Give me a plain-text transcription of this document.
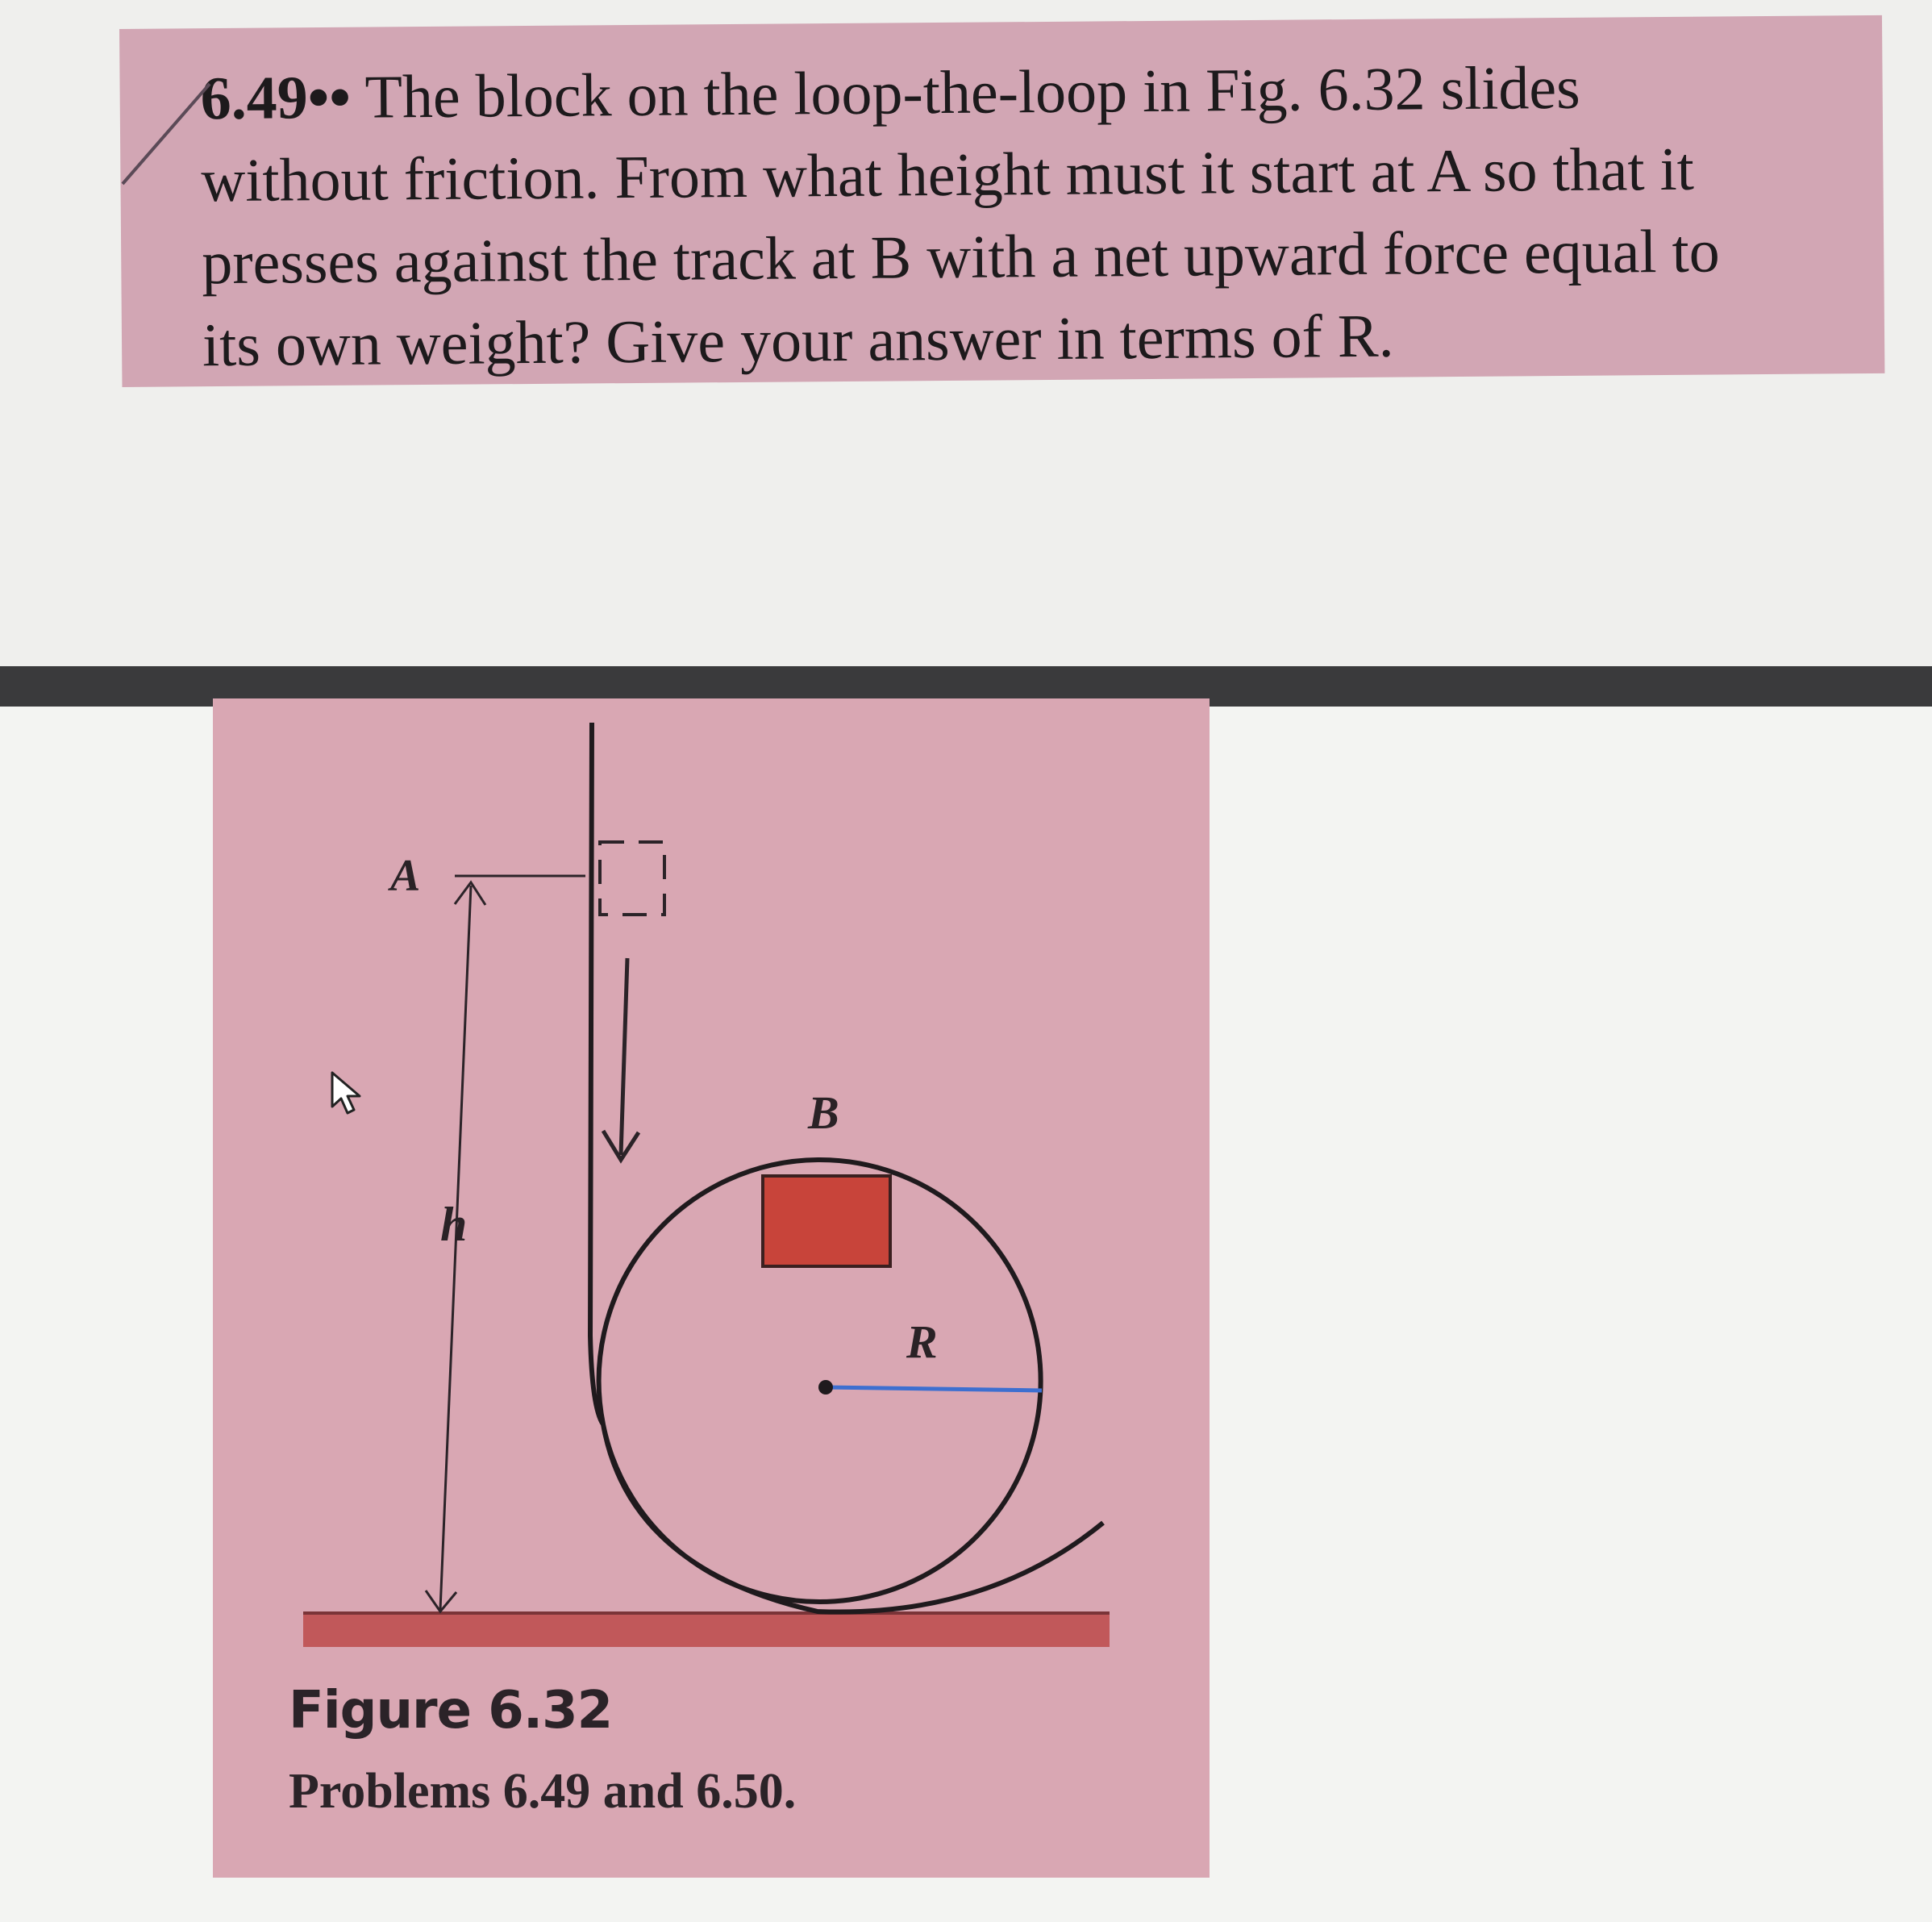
6.49•• The block on the loop-the-loop in Fig. 6.32 slides
without friction. From what height must it start at A so that it
presses against the track at B with a net upward force equal to
its own weight? Give your answer in terms of R.
A
h
B
R
Figure 6.32
Problems 6.49 and 6.50.
